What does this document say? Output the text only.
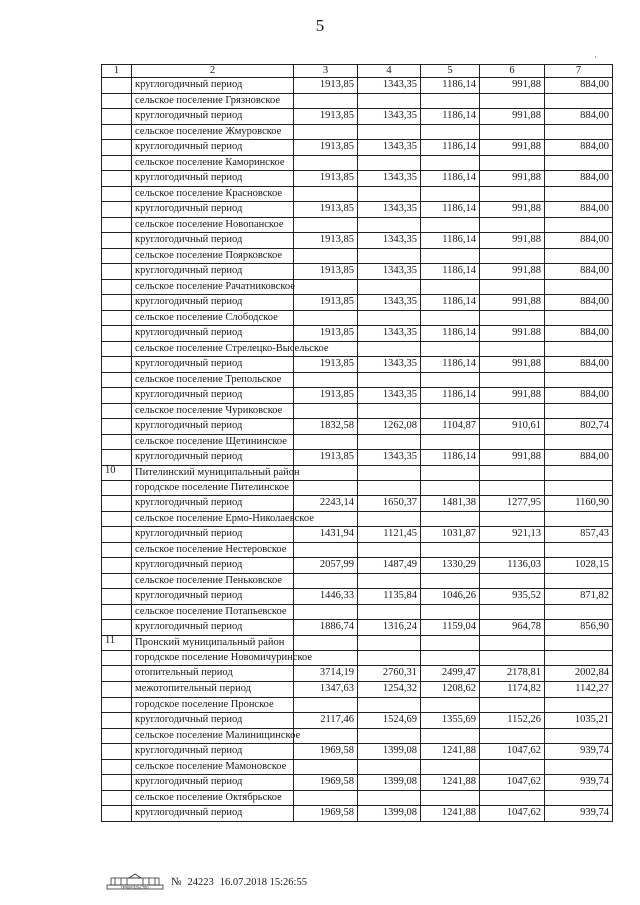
5
·
1	2	3	4	5	6	7
	круглогодичный период	1913,85	1343,35	1186,14	991,88	884,00
	сельское поселение Грязновское					
	круглогодичный период	1913,85	1343,35	1186,14	991,88	884,00
	сельское поселение Жмуровское					
	круглогодичный период	1913,85	1343,35	1186,14	991,88	884,00
	сельское поселение Каморинское					
	круглогодичный период	1913,85	1343,35	1186,14	991,88	884,00
	сельское поселение Красновское					
	круглогодичный период	1913,85	1343,35	1186,14	991,88	884,00
	сельское поселение Новопанское					
	круглогодичный период	1913,85	1343,35	1186,14	991,88	884,00
	сельское поселение Поярковское					
	круглогодичный период	1913,85	1343,35	1186,14	991,88	884,00
	сельское поселение Рачатниковское					
	круглогодичный период	1913,85	1343,35	1186,14	991,88	884,00
	сельское поселение Слободское					
	круглогодичный период	1913,85	1343,35	1186,14	991.88	884,00
	сельское поселение Стрелецко-Высельское					
	круглогодичный период	1913,85	1343,35	1186,14	991,88	884,00
	сельское поселение Трепольское					
	круглогодичный период	1913,85	1343,35	1186,14	991,88	884,00
	сельское поселение Чуриковское					
	круглогодичный период	1832,58	1262,08	1104,87	910,61	802,74
	сельское поселение Щетининское					
	круглогодичный период	1913,85	1343,35	1186,14	991,88	884,00
10	Пителинский муниципальный район					
	городское поселение Пителинское					
	круглогодичный период	2243,14	1650,37	1481,38	1277,95	1160,90
	сельское поселение Ермо-Николаевское					
	круглогодичный период	1431,94	1121,45	1031,87	921,13	857,43
	сельское поселение Нестеровское					
	круглогодичный период	2057,99	1487,49	1330,29	1136,03	1028,15
	сельское поселение Пеньковское					
	круглогодичный период	1446,33	1135,84	1046,26	935,52	871,82
	сельское поселение Потапьевское					
	круглогодичный период	1886,74	1316,24	1159,04	964,78	856,90
11	Пронский муниципальный район					
	городское поселение Новомичуринское					
	отопительный период	3714,19	2760,31	2499,47	2178,81	2002,84
	межотопительный период	1347,63	1254,32	1208,62	1174,82	1142,27
	городское поселение Пронское					
	круглогодичный период	2117,46	1524,69	1355,69	1152,26	1035,21
	сельское поселение Малинищинское					
	круглогодичный период	1969,58	1399,08	1241,88	1047,62	939,74
	сельское поселение Мамоновское					
	круглогодичный период	1969,58	1399,08	1241,88	1047,62	939,74
	сельское поселение Октябрьское					
	круглогодичный период	1969,58	1399,08	1241,88	1047,62	939,74
ПРАВИТЕЛЬСТВО № 24223 16.07.2018 15:26:55
